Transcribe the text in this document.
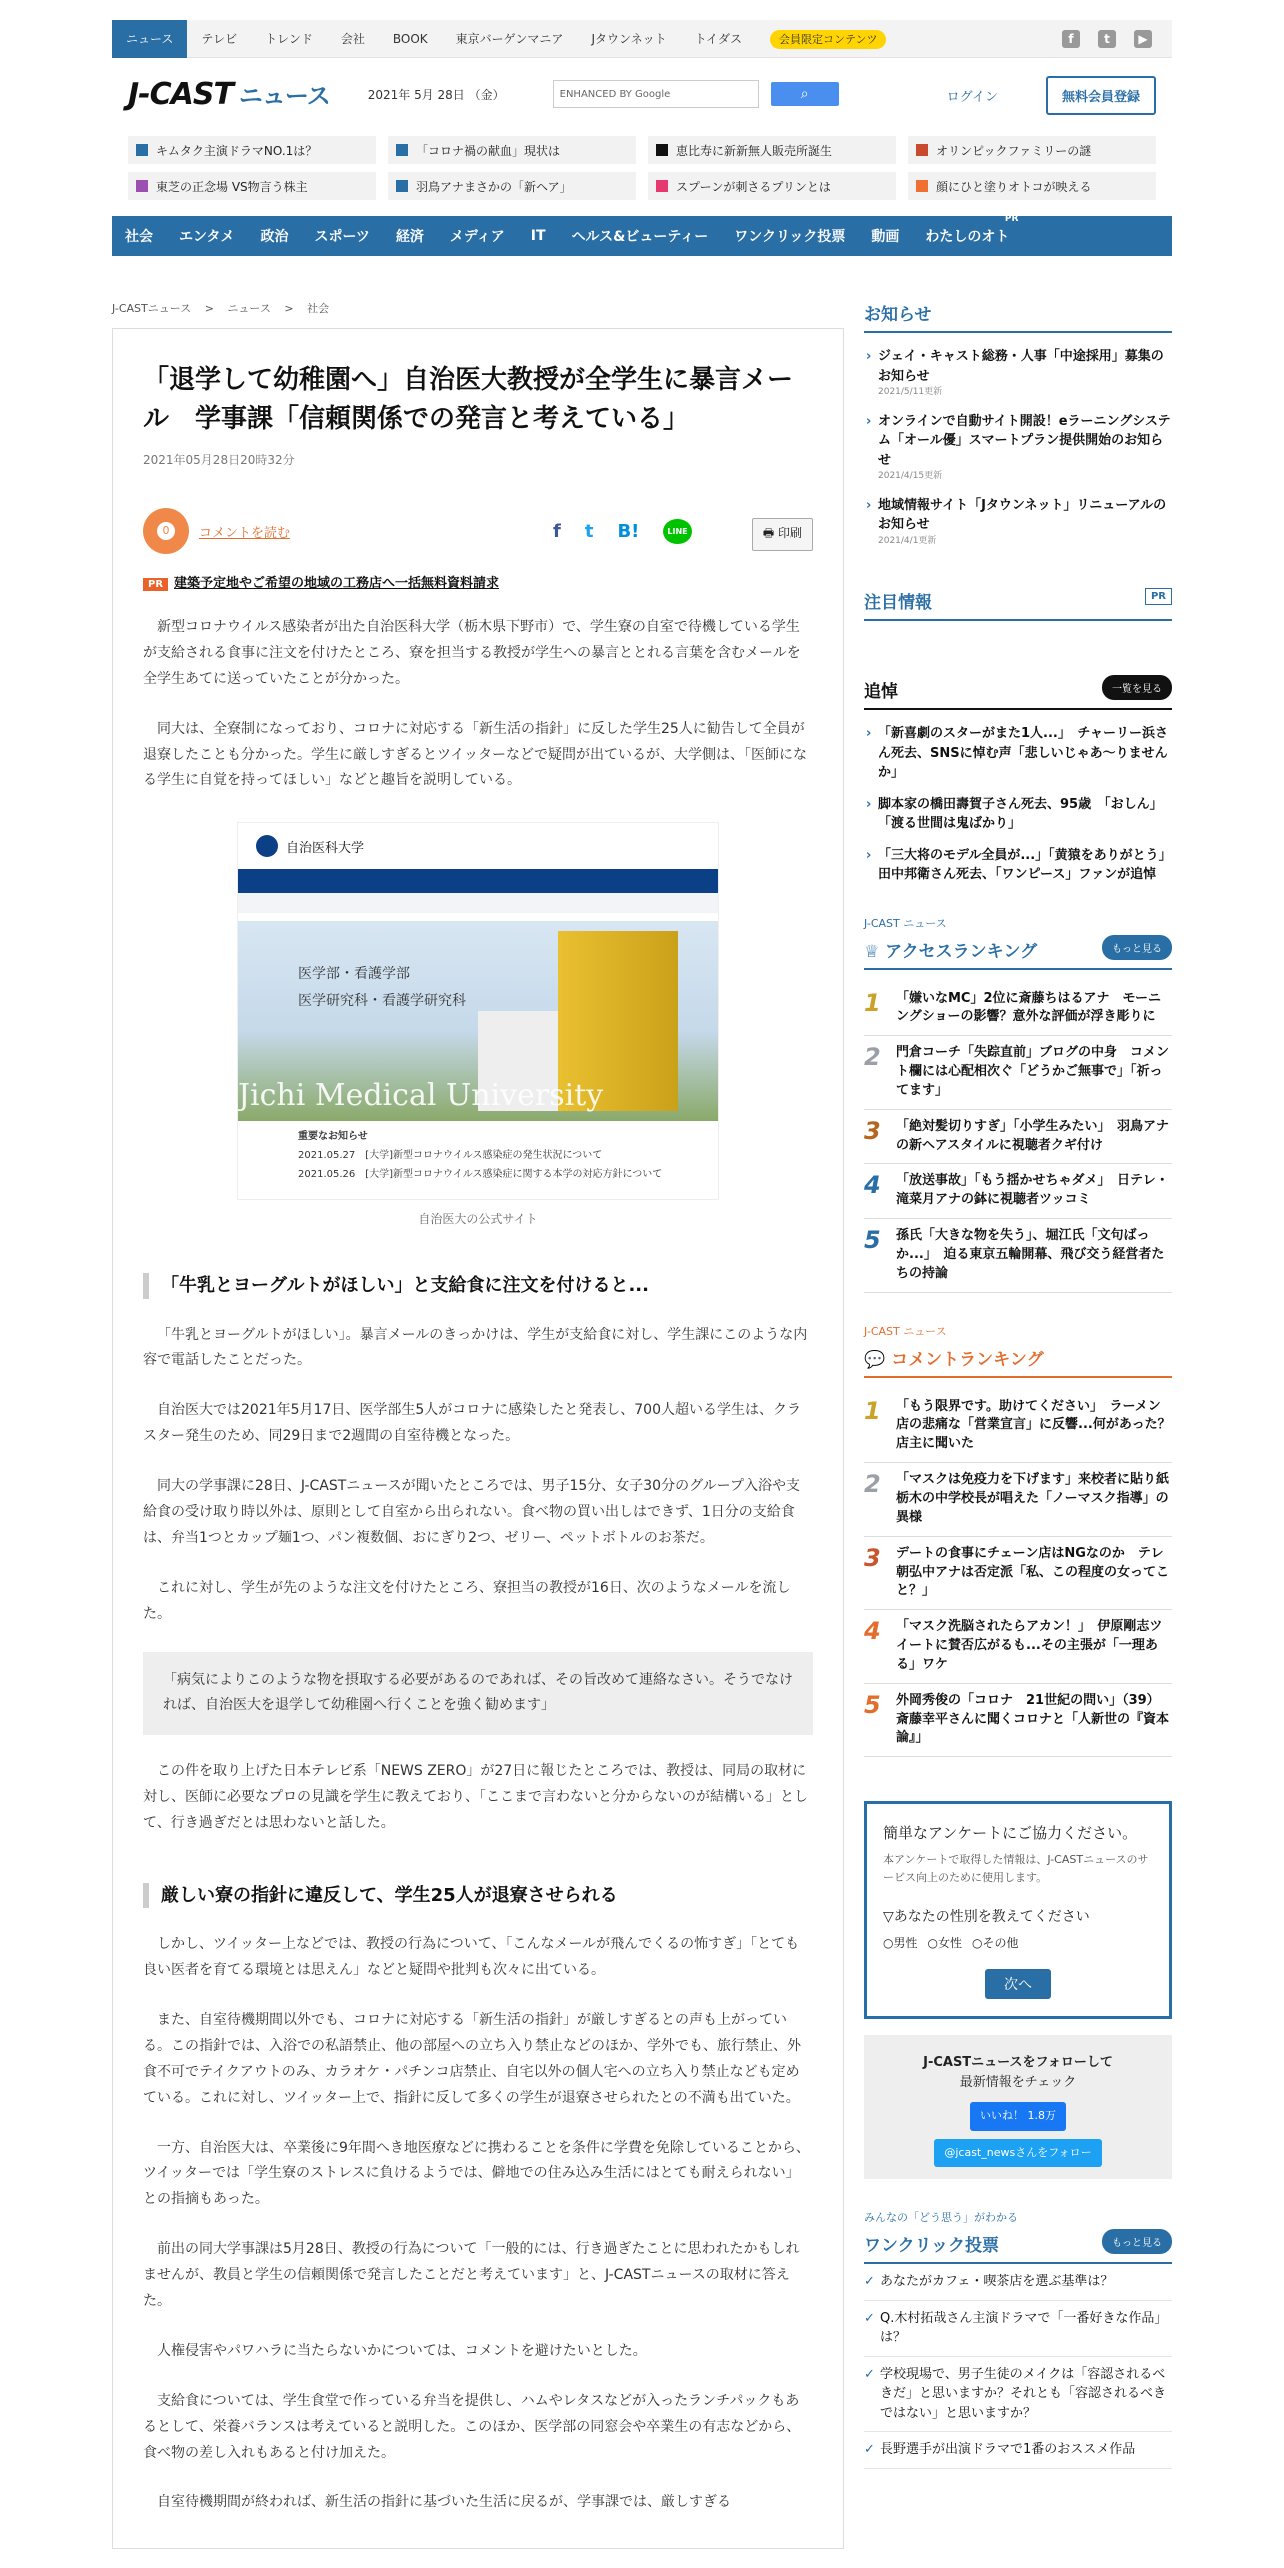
ニュース	テレビ	トレンド	会社	BOOK	東京バーゲンマニア	Jタウンネット	トイダス	会員限定コンテンツ	f	t	▶
J-CAST ニュース	2021年 5月 28日 （金）	ENHANCED BY Google	⌕	ログイン	無料会員登録
キムタク主演ドラマNO.1は？	「コロナ禍の献血」現状は	恵比寿に新新無人販売所誕生	オリンピックファミリーの謎
東芝の正念場 VS物言う株主	羽鳥アナまさかの「新ヘア」	スプーンが刺さるプリンとは	顔にひと塗りオトコが映える
社会	エンタメ	政治	スポーツ	経済	メディア	IT	ヘルス&ビューティー	ワンクリック投票	動画	わたしのオト
PR
J-CASTニュース > ニュース > 社会
「退学して幼稚園へ」自治医大教授が全学生に暴言メール　学事課「信頼関係での発言と考えている」
2021年05月28日20時32分
0	コメントを読む	f t B!	LINE	🖶 印刷
PR 建築予定地やご希望の地域の工務店へ一括無料資料請求

新型コロナウイルス感染者が出た自治医科大学（栃木県下野市）で、学生寮の自室で待機している学生が支給される食事に注文を付けたところ、寮を担当する教授が学生への暴言ととれる言葉を含むメールを全学生あてに送っていたことが分かった。

同大は、全寮制になっており、コロナに対応する「新生活の指針」に反した学生25人に勧告して全員が退寮したことも分かった。学生に厳しすぎるとツイッターなどで疑問が出ているが、大学側は、「医師になる学生に自覚を持ってほしい」などと趣旨を説明している。

自治医科大学
医学部・看護学部
医学研究科・看護学研究科
Jichi Medical University
重要なお知らせ
2021.05.27　[大学]新型コロナウイルス感染症の発生状況について
2021.05.26　[大学]新型コロナウイルス感染症に関する本学の対応方針について
自治医大の公式サイト
「牛乳とヨーグルトがほしい」と支給食に注文を付けると...

「牛乳とヨーグルトがほしい」。暴言メールのきっかけは、学生が支給食に対し、学生課にこのような内容で電話したことだった。

自治医大では2021年5月17日、医学部生5人がコロナに感染したと発表し、700人超いる学生は、クラスター発生のため、同29日まで2週間の自室待機となった。

同大の学事課に28日、J-CASTニュースが聞いたところでは、男子15分、女子30分のグループ入浴や支給食の受け取り時以外は、原則として自室から出られない。食べ物の買い出しはできず、1日分の支給食は、弁当1つとカップ麺1つ、パン複数個、おにぎり2つ、ゼリー、ペットボトルのお茶だ。

これに対し、学生が先のような注文を付けたところ、寮担当の教授が16日、次のようなメールを流した。

「病気によりこのような物を摂取する必要があるのであれば、その旨改めて連絡なさい。そうでなければ、自治医大を退学して幼稚園へ行くことを強く勧めます」

この件を取り上げた日本テレビ系「NEWS ZERO」が27日に報じたところでは、教授は、同局の取材に対し、医師に必要なプロの見識を学生に教えており、「ここまで言わないと分からないのが結構いる」として、行き過ぎだとは思わないと話した。

厳しい寮の指針に違反して、学生25人が退寮させられる

しかし、ツイッター上などでは、教授の行為について、「こんなメールが飛んでくるの怖すぎ」「とても良い医者を育てる環境とは思えん」などと疑問や批判も次々に出ている。

また、自室待機期間以外でも、コロナに対応する「新生活の指針」が厳しすぎるとの声も上がっている。この指針では、入浴での私語禁止、他の部屋への立ち入り禁止などのほか、学外でも、旅行禁止、外食不可でテイクアウトのみ、カラオケ・パチンコ店禁止、自宅以外の個人宅への立ち入り禁止なども定めている。これに対し、ツイッター上で、指針に反して多くの学生が退寮させられたとの不満も出ていた。

一方、自治医大は、卒業後に9年間へき地医療などに携わることを条件に学費を免除していることから、ツイッターでは「学生寮のストレスに負けるようでは、僻地での住み込み生活にはとても耐えられない」との指摘もあった。

前出の同大学事課は5月28日、教授の行為について「一般的には、行き過ぎたことに思われたかもしれませんが、教員と学生の信頼関係で発言したことだと考えています」と、J-CASTニュースの取材に答えた。

人権侵害やパワハラに当たらないかについては、コメントを避けたいとした。

支給食については、学生食堂で作っている弁当を提供し、ハムやレタスなどが入ったランチパックもあるとして、栄養バランスは考えていると説明した。このほか、医学部の同窓会や卒業生の有志などから、食べ物の差し入れもあると付け加えた。

自室待機期間が終われば、新生活の指針に基づいた生活に戻るが、学事課では、厳しすぎる

お知らせ
› ジェイ・キャスト総務・人事「中途採用」募集のお知らせ
2021/5/11更新
› オンラインで自動サイト開設！eラーニングシステム「オール優」スマートプラン提供開始のお知らせ
2021/4/15更新
› 地域情報サイト「Jタウンネット」リニューアルのお知らせ
2021/4/1更新
注目情報	PR
追悼	一覧を見る
› 「新喜劇のスターがまた1人...」　チャーリー浜さん死去、SNSに悼む声「悲しいじゃあ～りませんか」
› 脚本家の橋田壽賀子さん死去、95歳　「おしん」「渡る世間は鬼ばかり」
› 「三大将のモデル全員が...」「黄猿をありがとう」　田中邦衛さん死去、「ワンピース」ファンが追悼
J-CAST ニュース
♕ アクセスランキング	もっと見る
1	「嫌いなMC」2位に斎藤ちはるアナ　モーニングショーの影響？意外な評価が浮き彫りに
2	門倉コーチ「失踪直前」ブログの中身　コメント欄には心配相次ぐ「どうかご無事で」「祈ってます」
3	「絶対髪切りすぎ」「小学生みたい」　羽鳥アナの新ヘアスタイルに視聴者クギ付け
4	「放送事故」「もう揺かせちゃダメ」　日テレ・滝菜月アナの鉢に視聴者ツッコミ
5	孫氏「大きな物を失う」、堀江氏「文句ばっか...」　迫る東京五輪開幕、飛び交う経営者たちの持論
J-CAST ニュース
💬 コメントランキング
1	「もう限界です。助けてください」　ラーメン店の悲痛な「営業宣言」に反響...何があった？店主に聞いた
2	「マスクは免疫力を下げます」来校者に貼り紙　栃木の中学校長が唱えた「ノーマスク指導」の異様
3	デートの食事にチェーン店はNGなのか　テレ朝弘中アナは否定派「私、この程度の女ってこと？」
4	「マスク洗脳されたらアカン！」　伊原剛志ツイートに賛否広がるも...その主張が「一理ある」ワケ
5	外岡秀俊の「コロナ　21世紀の問い」（39）斎藤幸平さんに聞くコロナと「人新世の『資本論』」
簡単なアンケートにご協力ください。

本アンケートで取得した情報は、J-CASTニュースのサービス向上のために使用します。

▽あなたの性別を教えてください
○男性 ○女性 ○その他
次へ
J-CASTニュースをフォローして
最新情報をチェック
いいね！ 1.8万
@jcast_newsさんをフォロー
みんなの「どう思う」がわかる
ワンクリック投票	もっと見る
✓ あなたがカフェ・喫茶店を選ぶ基準は？
✓ Q.木村拓哉さん主演ドラマで「一番好きな作品」は？
✓ 学校現場で、男子生徒のメイクは「容認されるべきだ」と思いますか？それとも「容認されるべきではない」と思いますか？
✓ 長野選手が出演ドラマで1番のおススメ作品
